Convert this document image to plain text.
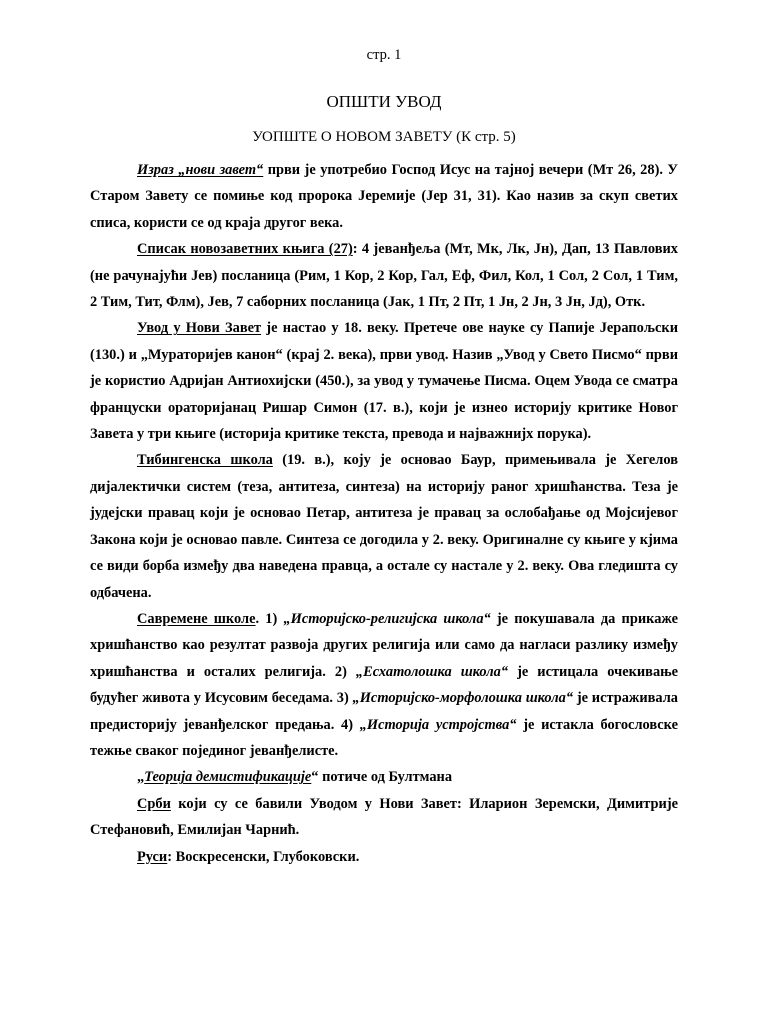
стр. 1
ОПШТИ УВОД
УОПШТЕ О НОВОМ ЗАВЕТУ (К стр. 5)

Израз „нови завет“ први је употребио Господ Исус на тајној вечери (Мт 26, 28). У Старом Завету се помиње код пророка Јеремије (Јер 31, 31). Као назив за скуп светих списа, користи се од краја другог века.

Списак новозаветних књига (27): 4 јеванђеља (Мт, Мк, Лк, Јн), Дап, 13 Павлових (не рачунајући Јев) посланица (Рим, 1 Кор, 2 Кор, Гал, Еф, Фил, Кол, 1 Сол, 2 Сол, 1 Тим, 2 Тим, Тит, Флм), Јев, 7 саборних посланица (Јак, 1 Пт, 2 Пт, 1 Јн, 2 Јн, 3 Јн, Јд), Отк.

Увод у Нови Завет је настао у 18. веку. Претече ове науке су Папије Јерапољски (130.) и „Мураторијев канон“ (крај 2. века), први увод. Назив „Увод у Свето Писмо“ први је користио Адријан Антиохијски (450.), за увод у тумачење Писма. Оцем Увода се сматра француски ораторијанац Ришар Симон (17. в.), који је изнео историју критике Новог Завета у три књиге (историја критике текста, превода и најважнијх порука).

Тибингенска школа (19. в.), коју је основао Баур, примењивала је Хегелов дијалектички систем (теза, антитеза, синтеза) на историју раног хришћанства. Теза је јудејски правац који је основао Петар, антитеза је правац за ослобађање од Мојсијевог Закона који је основао павле. Синтеза се догодила у 2. веку. Оригиналне су књиге у кјима се види борба између два наведена правца, а остале су настале у 2. веку. Ова гледишта су одбачена.

Савремене школе. 1) „Историјско-религијска школа“ је покушавала да прикаже хришћанство као резултат развоја других религија или само да нагласи разлику између хришћанства и осталих религија. 2) „Есхатолошка школа“ је истицала очекивање будућег живота у Исусовим беседама. 3) „Историјско-морфолошка школа“ је истраживала предисторију јеванђелског предања. 4) „Историја устројства“ је истакла богословске тежње сваког појединог јеванђелисте.

„Теорија демистификације“ потиче од Бултмана

Срби који су се бавили Уводом у Нови Завет: Иларион Зеремски, Димитрије Стефановић, Емилијан Чарнић.

Руси: Воскресенски, Глубоковски.
